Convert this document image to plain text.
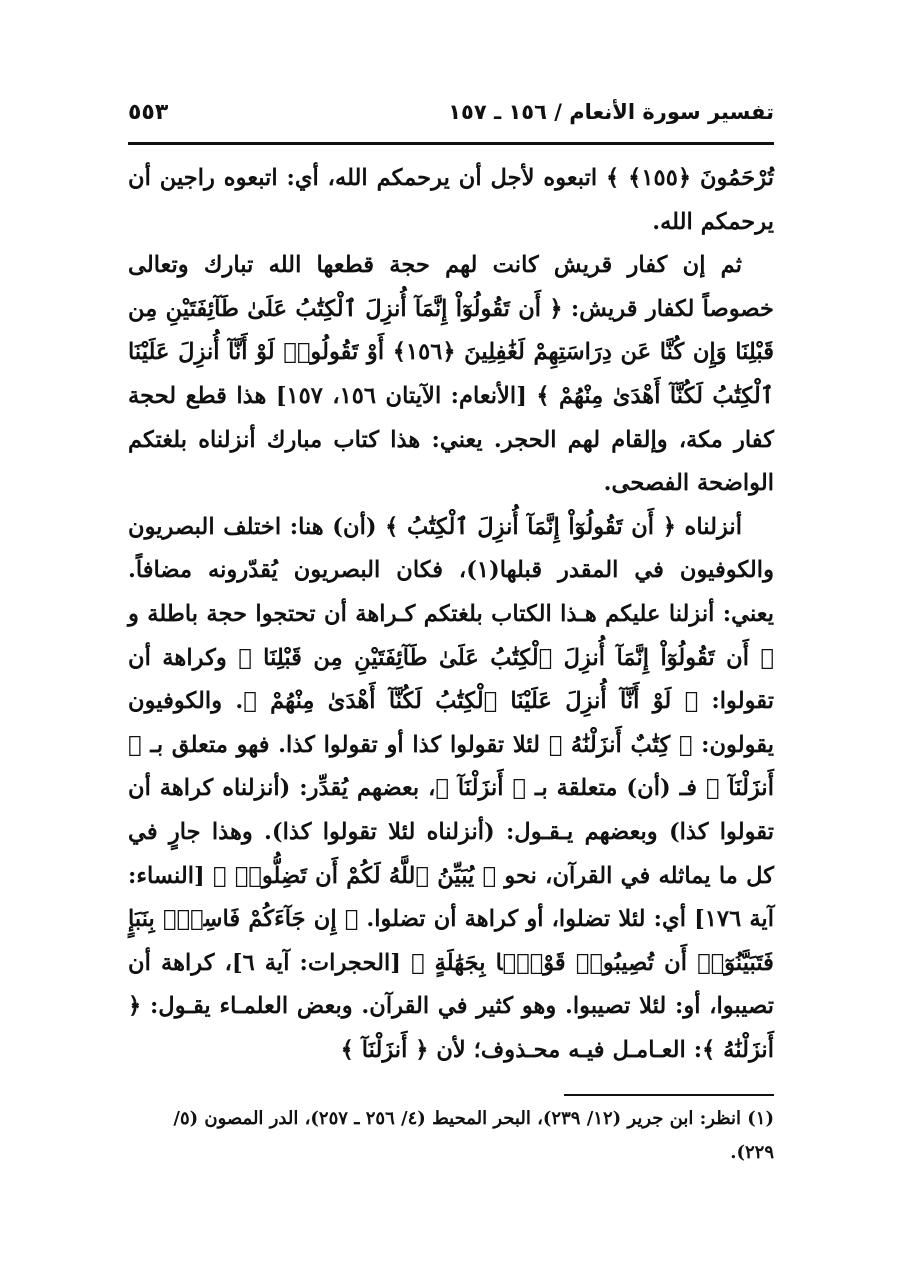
تفسير سورة الأنعام / ١٥٦ ـ ١٥٧
٥٥٣

تُرْحَمُونَ ﴿١٥٥﴾ ﴾ اتبعوه لأجل أن يرحمكم الله، أي: اتبعوه راجين أن يرحمكم الله.

ثم إن كفار قريش كانت لهم حجة قطعها الله تبارك وتعالى خصوصاً لكفار قريش: ﴿ أَن تَقُولُوٓاْ إِنَّمَآ أُنزِلَ ٱلْكِتَٰبُ عَلَىٰ طَآئِفَتَيْنِ مِن قَبْلِنَا وَإِن كُنَّا عَن دِرَاسَتِهِمْ لَغَٰفِلِينَ ﴿١٥٦﴾ أَوْ تَقُولُوا۟ لَوْ أَنَّآ أُنزِلَ عَلَيْنَا ٱلْكِتَٰبُ لَكُنَّآ أَهْدَىٰ مِنْهُمْ ﴾ [الأنعام: الآيتان ١٥٦، ١٥٧] هذا قطع لحجة كفار مكة، وإلقام لهم الحجر. يعني: هذا كتاب مبارك أنزلناه بلغتكم الواضحة الفصحى.

أنزلناه ﴿ أَن تَقُولُوٓاْ إِنَّمَآ أُنزِلَ ٱلْكِتَٰبُ ﴾ (أن) هنا: اختلف البصريون والكوفيون في المقدر قبلها(١)، فكان البصريون يُقدّرونه مضافاً. يعني: أنزلنا عليكم هـذا الكتاب بلغتكم كـراهة أن تحتجوا حجة باطلة و ﴿ أَن تَقُولُوٓاْ إِنَّمَآ أُنزِلَ ٱلْكِتَٰبُ عَلَىٰ طَآئِفَتَيْنِ مِن قَبْلِنَا ﴾ وكراهة أن تقولوا: ﴿ لَوْ أَنَّآ أُنزِلَ عَلَيْنَا ٱلْكِتَٰبُ لَكُنَّآ أَهْدَىٰ مِنْهُمْ ﴾. والكوفيون يقولون: ﴿ كِتَٰبٌ أَنزَلْنَٰهُ ﴾ لئلا تقولوا كذا أو تقولوا كذا. فهو متعلق بـ ﴿ أَنزَلْنَآ ﴾ فـ (أن) متعلقة بـ ﴿ أَنزَلْنَآ ﴾، بعضهم يُقدِّر: (أنزلناه كراهة أن تقولوا كذا) وبعضهم يـقـول: (أنزلناه لئلا تقولوا كذا). وهذا جارٍ في كل ما يماثله في القرآن، نحو ﴿ يُبَيِّنُ ٱللَّهُ لَكُمْ أَن تَضِلُّوا۟ ﴾ [النساء: آية ١٧٦] أي: لئلا تضلوا، أو كراهة أن تضلوا. ﴿ إِن جَآءَكُمْ فَاسِقٌۢ بِنَبَإٍ فَتَبَيَّنُوٓا۟ أَن تُصِيبُوا۟ قَوْمًۢا بِجَهَٰلَةٍ ﴾ [الحجرات: آية ٦]، كراهة أن تصيبوا، أو: لئلا تصيبوا. وهو كثير في القرآن. وبعض العلمـاء يقـول: ﴿ أَنزَلْنَٰهُ ﴾: العـامـل فيـه محـذوف؛ لأن ﴿ أَنزَلْنَآ ﴾

(١) انظر: ابن جرير (١٢/ ٢٣٩)، البحر المحيط (٤/ ٢٥٦ ـ ٢٥٧)، الدر المصون (٥/ ٢٢٩).
